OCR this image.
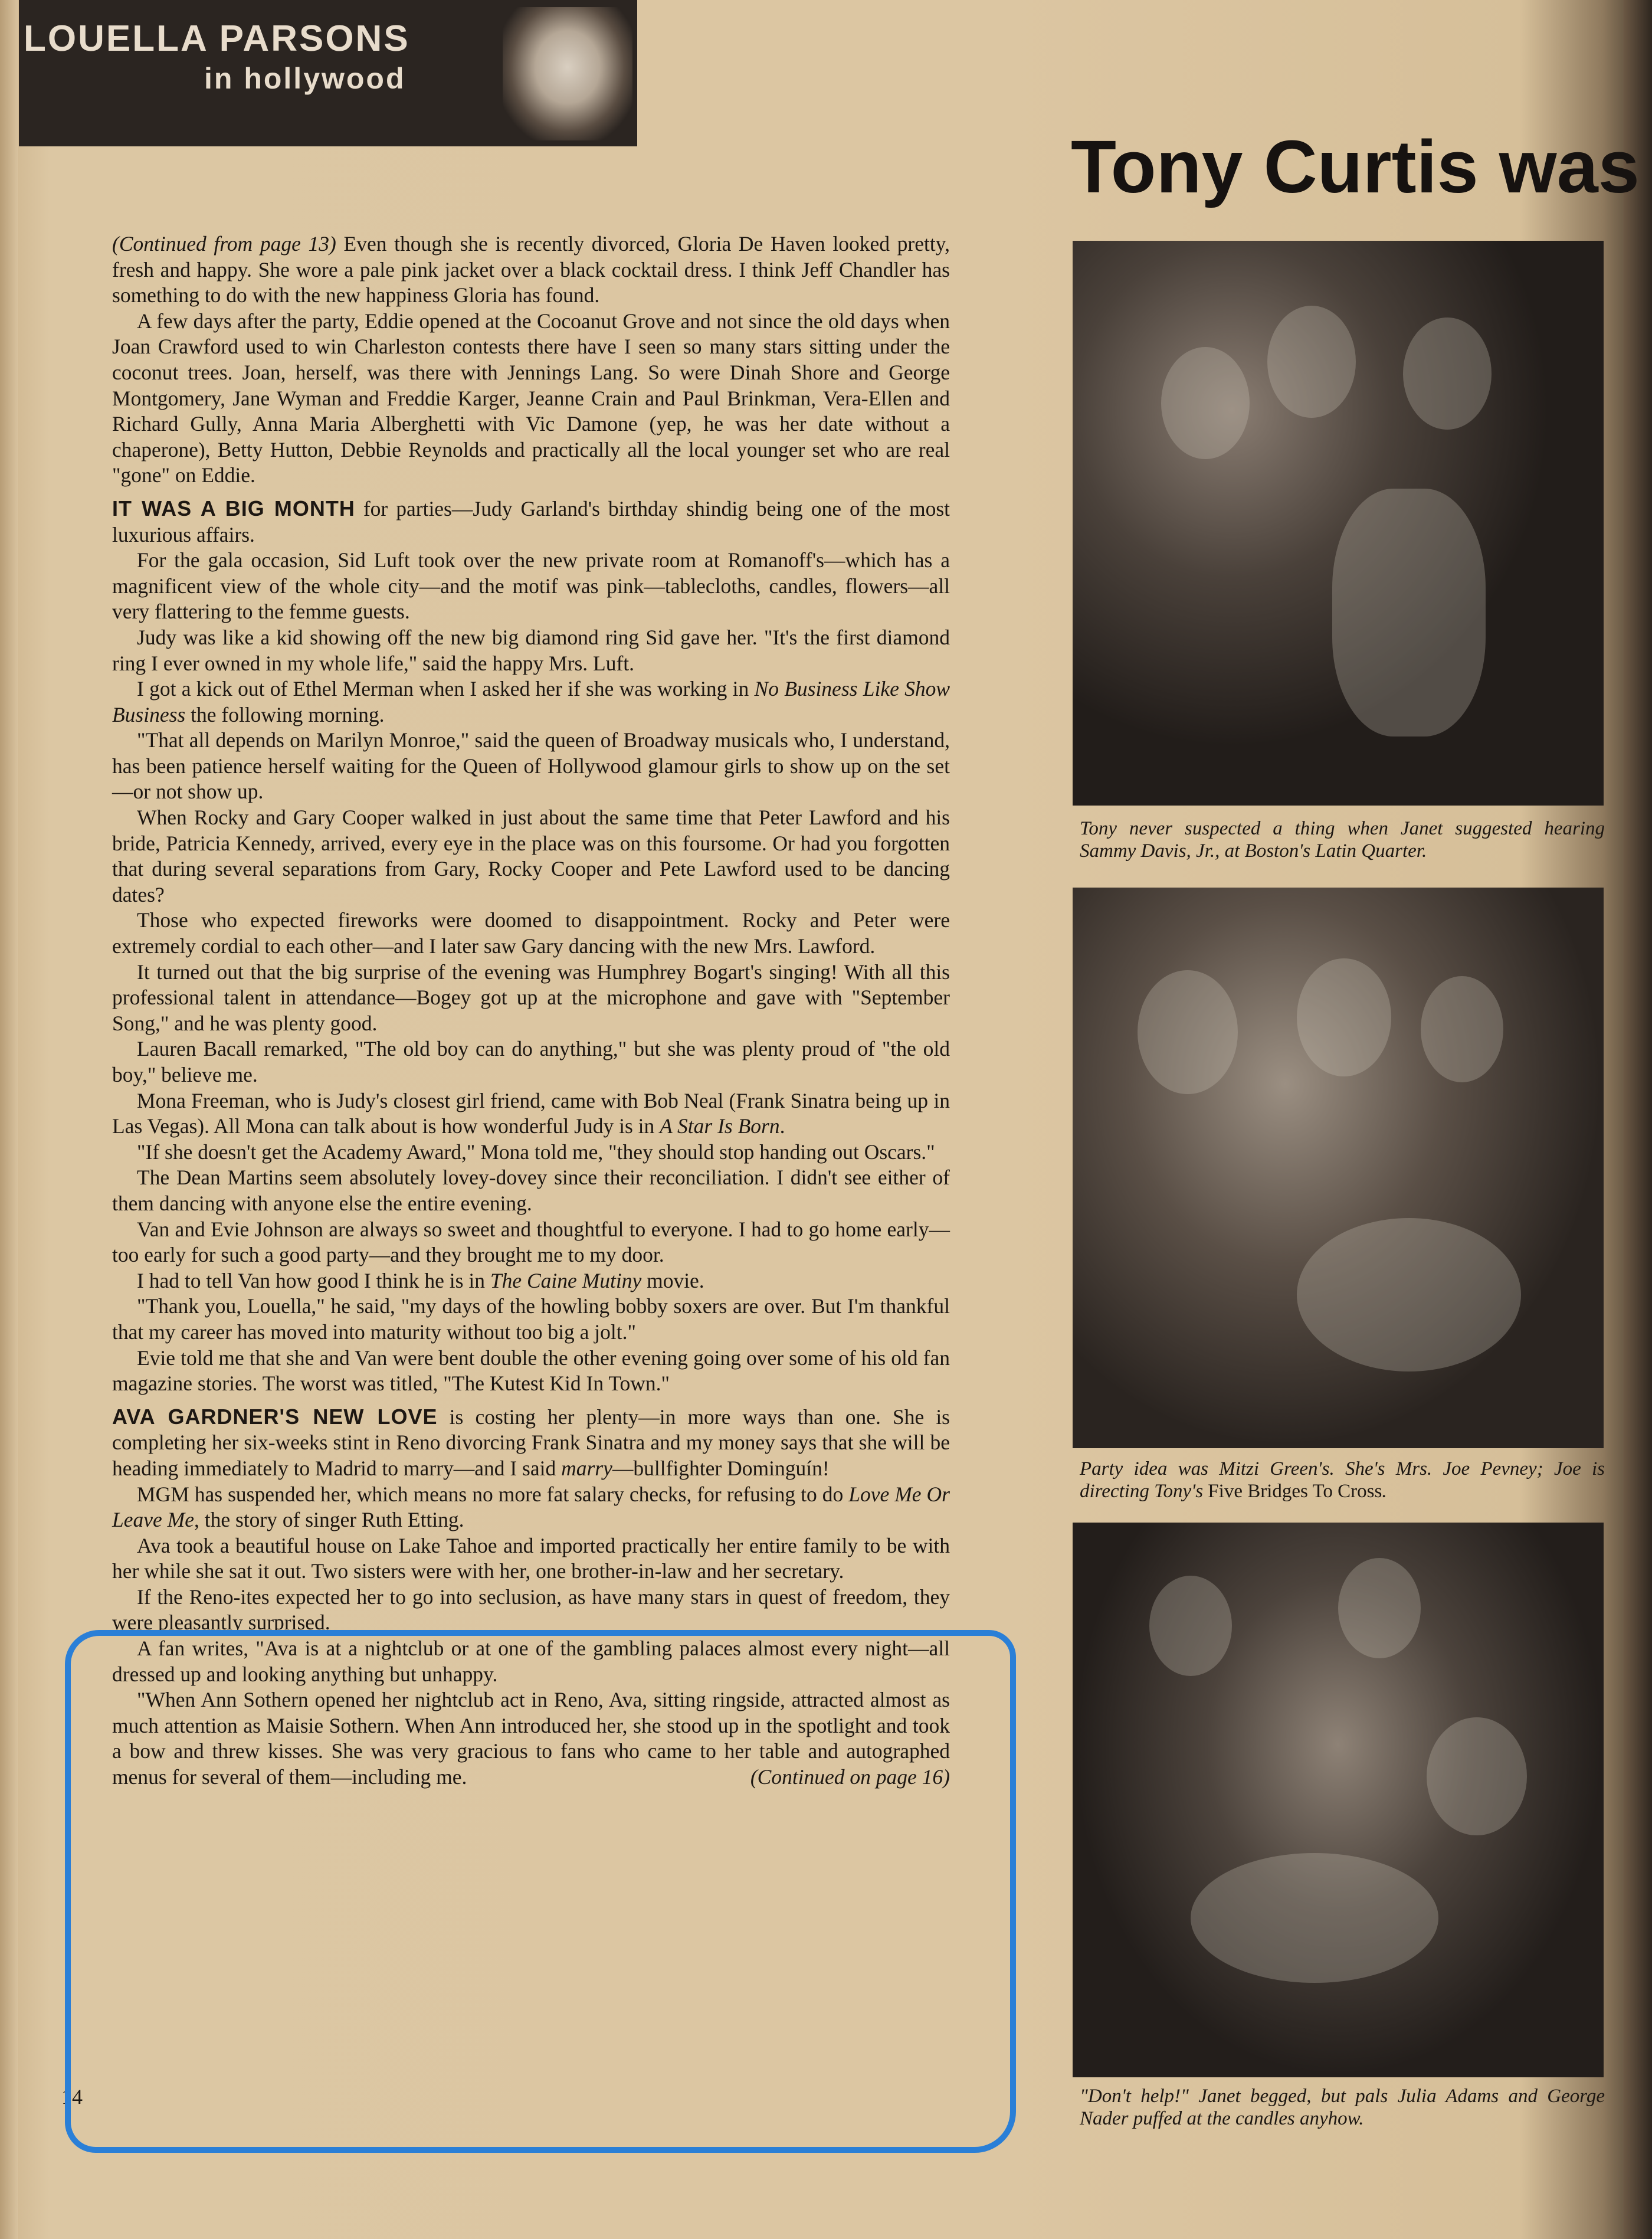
LOUELLA PARSONS
in hollywood
Tony Curtis was

(Continued from page 13) Even though she is recently divorced, Gloria De Haven looked pretty, fresh and happy. She wore a pale pink jacket over a black cocktail dress. I think Jeff Chandler has something to do with the new happiness Gloria has found.

A few days after the party, Eddie opened at the Cocoanut Grove and not since the old days when Joan Crawford used to win Charleston contests there have I seen so many stars sitting under the coconut trees. Joan, herself, was there with Jennings Lang. So were Dinah Shore and George Montgomery, Jane Wyman and Freddie Karger, Jeanne Crain and Paul Brinkman, Vera-Ellen and Richard Gully, Anna Maria Alberghetti with Vic Damone (yep, he was her date without a chaperone), Betty Hutton, Debbie Reynolds and practically all the local younger set who are real "gone" on Eddie.

IT WAS A BIG MONTH for parties—Judy Garland's birthday shindig being one of the most luxurious affairs.

For the gala occasion, Sid Luft took over the new private room at Romanoff's—which has a magnificent view of the whole city—and the motif was pink—tablecloths, candles, flowers—all very flattering to the femme guests.

Judy was like a kid showing off the new big diamond ring Sid gave her. "It's the first diamond ring I ever owned in my whole life," said the happy Mrs. Luft.

I got a kick out of Ethel Merman when I asked her if she was working in No Business Like Show Business the following morning.

"That all depends on Marilyn Monroe," said the queen of Broadway musicals who, I understand, has been patience herself waiting for the Queen of Hollywood glamour girls to show up on the set—or not show up.

When Rocky and Gary Cooper walked in just about the same time that Peter Lawford and his bride, Patricia Kennedy, arrived, every eye in the place was on this foursome. Or had you forgotten that during several separations from Gary, Rocky Cooper and Pete Lawford used to be dancing dates?

Those who expected fireworks were doomed to disappointment. Rocky and Peter were extremely cordial to each other—and I later saw Gary dancing with the new Mrs. Lawford.

It turned out that the big surprise of the evening was Humphrey Bogart's singing! With all this professional talent in attendance—Bogey got up at the microphone and gave with "September Song," and he was plenty good.

Lauren Bacall remarked, "The old boy can do anything," but she was plenty proud of "the old boy," believe me.

Mona Freeman, who is Judy's closest girl friend, came with Bob Neal (Frank Sinatra being up in Las Vegas). All Mona can talk about is how wonderful Judy is in A Star Is Born.

"If she doesn't get the Academy Award," Mona told me, "they should stop handing out Oscars."

The Dean Martins seem absolutely lovey-dovey since their reconciliation. I didn't see either of them dancing with anyone else the entire evening.

Van and Evie Johnson are always so sweet and thoughtful to everyone. I had to go home early—too early for such a good party—and they brought me to my door.

I had to tell Van how good I think he is in The Caine Mutiny movie.

"Thank you, Louella," he said, "my days of the howling bobby soxers are over. But I'm thankful that my career has moved into maturity without too big a jolt."

Evie told me that she and Van were bent double the other evening going over some of his old fan magazine stories. The worst was titled, "The Kutest Kid In Town."

AVA GARDNER'S NEW LOVE is costing her plenty—in more ways than one. She is completing her six-weeks stint in Reno divorcing Frank Sinatra and my money says that she will be heading immediately to Madrid to marry—and I said marry—bullfighter Dominguín!

MGM has suspended her, which means no more fat salary checks, for refusing to do Love Me Or Leave Me, the story of singer Ruth Etting.

Ava took a beautiful house on Lake Tahoe and imported practically her entire family to be with her while she sat it out. Two sisters were with her, one brother-in-law and her secretary.

If the Reno-ites expected her to go into seclusion, as have many stars in quest of freedom, they were pleasantly surprised.

A fan writes, "Ava is at a nightclub or at one of the gambling palaces almost every night—all dressed up and looking anything but unhappy.

"When Ann Sothern opened her nightclub act in Reno, Ava, sitting ringside, attracted almost as much attention as Maisie Sothern. When Ann introduced her, she stood up in the spotlight and took a bow and threw kisses. She was very gracious to fans who came to her table and autographed menus for several of them—including me.	(Continued on page 16)

Tony never suspected a thing when Janet suggested hearing Sammy Davis, Jr., at Boston's Latin Quarter.
Party idea was Mitzi Green's. She's Mrs. Joe Pevney; Joe is directing Tony's Five Bridges To Cross.
"Don't help!" Janet begged, but pals Julia Adams and George Nader puffed at the candles anyhow.
14
